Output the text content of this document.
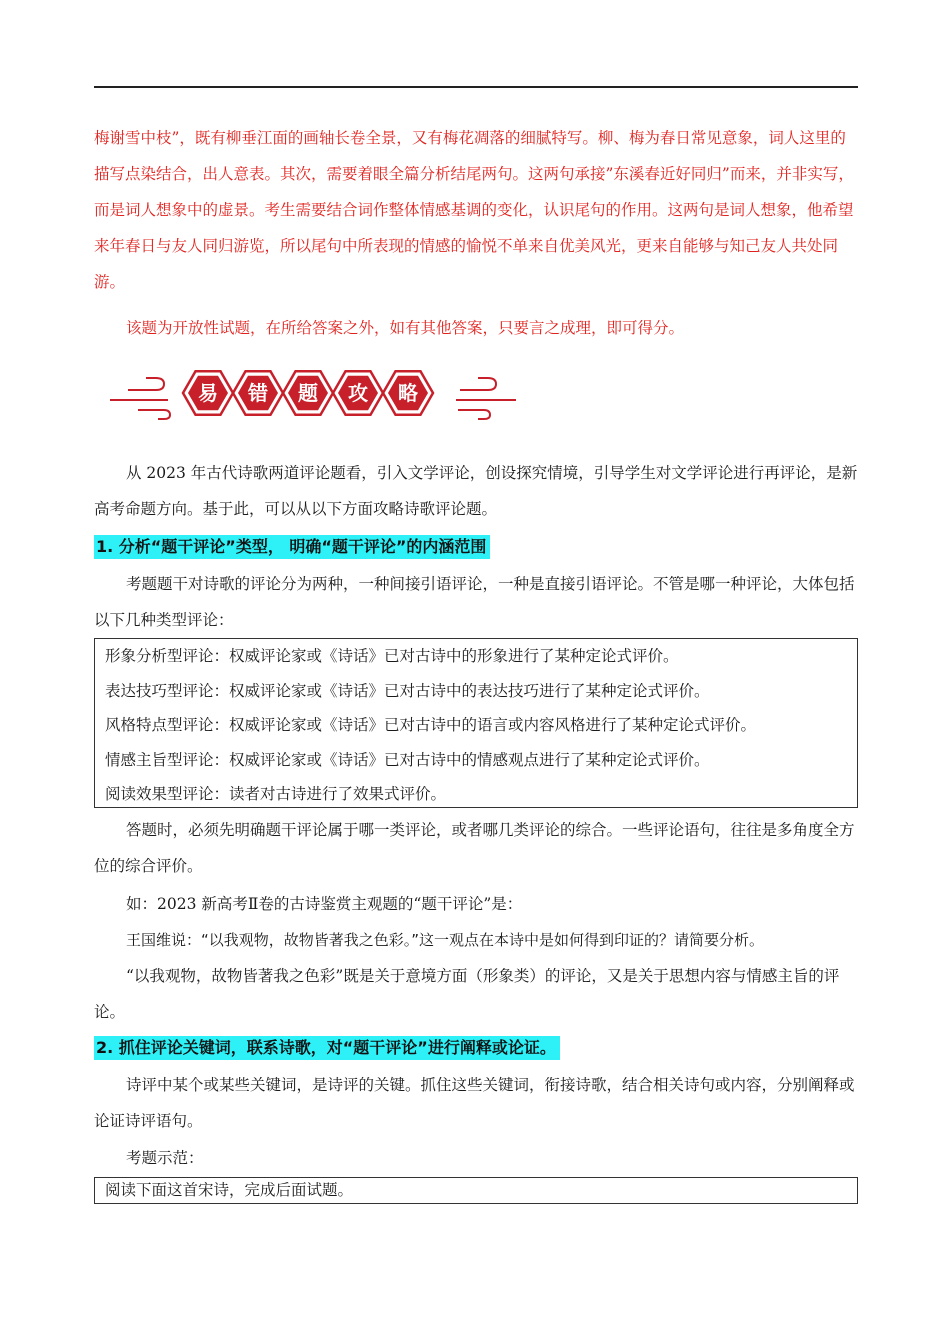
梅谢雪中枝”，既有柳垂江面的画轴长卷全景，又有梅花凋落的细腻特写。柳、梅为春日常见意象，词人这里的描写点染结合，出人意表。其次，需要着眼全篇分析结尾两句。这两句承接”东溪春近好同归”而来，并非实写，而是词人想象中的虚景。考生需要结合词作整体情感基调的变化，认识尾句的作用。这两句是词人想象，他希望来年春日与友人同归游览，所以尾句中所表现的情感的愉悦不单来自优美风光，更来自能够与知己友人共处同游。
该题为开放性试题，在所给答案之外，如有其他答案，只要言之成理，即可得分。
易 错 题 攻 略
从 2023 年古代诗歌两道评论题看，引入文学评论，创设探究情境，引导学生对文学评论进行再评论，是新高考命题方向。基于此，可以从以下方面攻略诗歌评论题。
1. 分析“题干评论”类型， 明确“题干评论”的内涵范围
考题题干对诗歌的评论分为两种，一种间接引语评论，一种是直接引语评论。不管是哪一种评论，大体包括以下几种类型评论：
形象分析型评论：权威评论家或《诗话》已对古诗中的形象进行了某种定论式评价。
表达技巧型评论：权威评论家或《诗话》已对古诗中的表达技巧进行了某种定论式评价。
风格特点型评论：权威评论家或《诗话》已对古诗中的语言或内容风格进行了某种定论式评价。
情感主旨型评论：权威评论家或《诗话》已对古诗中的情感观点进行了某种定论式评价。
阅读效果型评论：读者对古诗进行了效果式评价。
答题时，必须先明确题干评论属于哪一类评论，或者哪几类评论的综合。一些评论语句，往往是多角度全方位的综合评价。
如：2023 新高考Ⅱ卷的古诗鉴赏主观题的“题干评论”是：
王国维说：“以我观物，故物皆著我之色彩。”这一观点在本诗中是如何得到印证的？请简要分析。
“以我观物，故物皆著我之色彩”既是关于意境方面（形象类）的评论，又是关于思想内容与情感主旨的评论。
2. 抓住评论关键词，联系诗歌，对“题干评论”进行阐释或论证。
诗评中某个或某些关键词，是诗评的关键。抓住这些关键词，衔接诗歌，结合相关诗句或内容，分别阐释或论证诗评语句。
考题示范：
阅读下面这首宋诗，完成后面试题。
